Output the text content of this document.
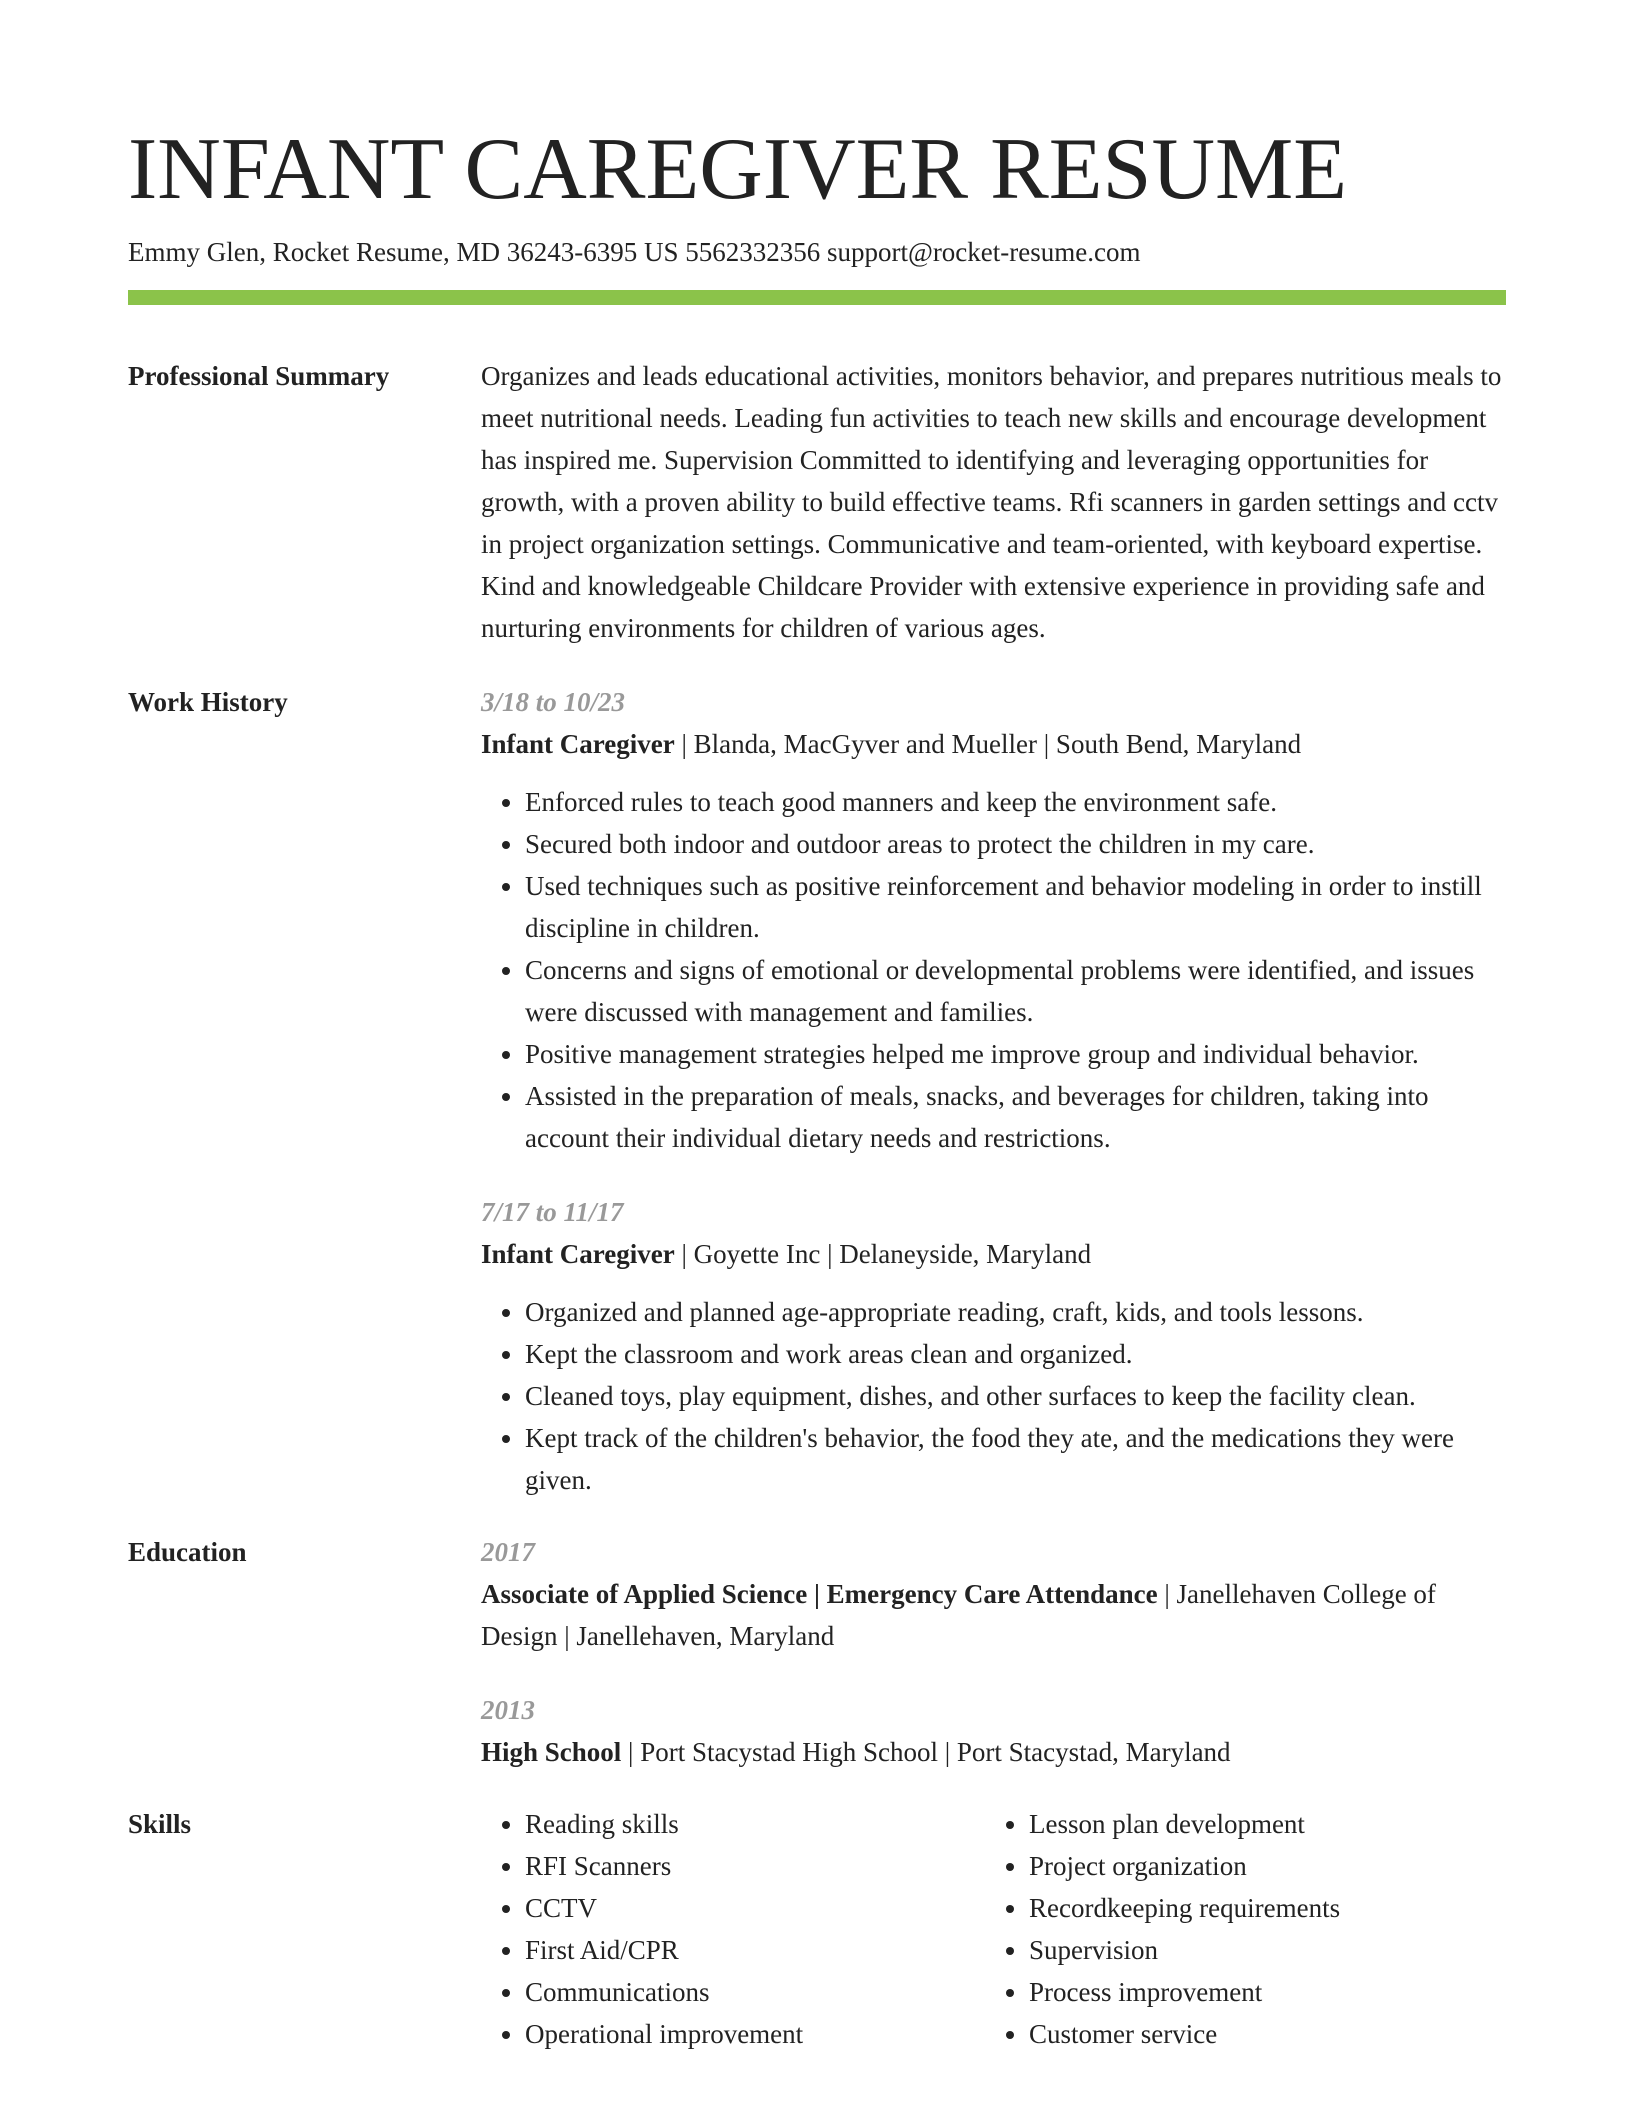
INFANT CAREGIVER RESUME
Emmy Glen, Rocket Resume, MD 36243-6395 US 5562332356 support@rocket-resume.com
Professional Summary	Organizes and leads educational activities, monitors behavior, and prepares nutritious meals to meet nutritional needs. Leading fun activities to teach new skills and encourage development has inspired me. Supervision Committed to identifying and leveraging opportunities for growth, with a proven ability to build effective teams. Rfi scanners in garden settings and cctv in project organization settings. Communicative and team-oriented, with keyboard expertise. Kind and knowledgeable Childcare Provider with extensive experience in providing safe and nurturing environments for children of various ages.
Work History	3/18 to 10/23
Infant Caregiver | Blanda, MacGyver and Mueller | South Bend, Maryland
• Enforced rules to teach good manners and keep the environment safe.
• Secured both indoor and outdoor areas to protect the children in my care.
• Used techniques such as positive reinforcement and behavior modeling in order to instill discipline in children.
• Concerns and signs of emotional or developmental problems were identified, and issues were discussed with management and families.
• Positive management strategies helped me improve group and individual behavior.
• Assisted in the preparation of meals, snacks, and beverages for children, taking into account their individual dietary needs and restrictions.
7/17 to 11/17
Infant Caregiver | Goyette Inc | Delaneyside, Maryland
• Organized and planned age-appropriate reading, craft, kids, and tools lessons.
• Kept the classroom and work areas clean and organized.
• Cleaned toys, play equipment, dishes, and other surfaces to keep the facility clean.
• Kept track of the children's behavior, the food they ate, and the medications they were given.
Education	2017
Associate of Applied Science | Emergency Care Attendance | Janellehaven College of Design | Janellehaven, Maryland
2013
High School | Port Stacystad High School | Port Stacystad, Maryland
Skills
•	Reading skills
• RFI Scanners
• CCTV
• First Aid/CPR
• Communications
• Operational improvement
• Lesson plan development
• Project organization
• Recordkeeping requirements
• Supervision
• Process improvement
• Customer service
